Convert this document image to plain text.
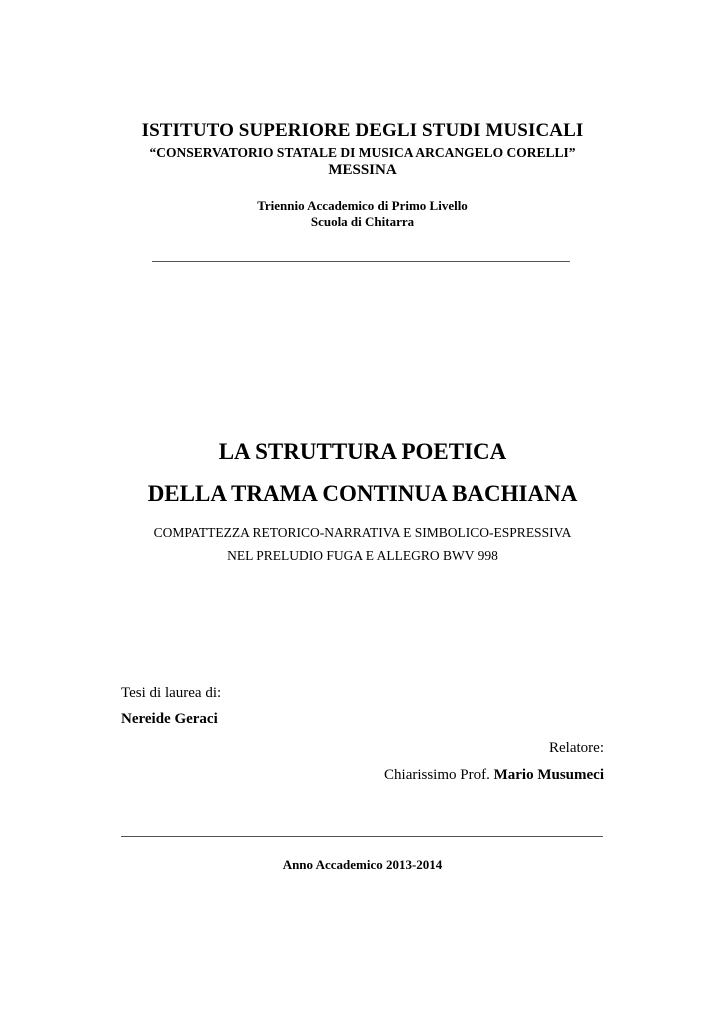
ISTITUTO SUPERIORE DEGLI STUDI MUSICALI
“CONSERVATORIO STATALE DI MUSICA ARCANGELO CORELLI”
MESSINA
Triennio Accademico di Primo Livello
Scuola di Chitarra
LA STRUTTURA POETICA
DELLA TRAMA CONTINUA BACHIANA
COMPATTEZZA RETORICO-NARRATIVA E SIMBOLICO-ESPRESSIVA
NEL PRELUDIO FUGA E ALLEGRO BWV 998
Tesi di laurea di:
Nereide Geraci
Relatore:
Chiarissimo Prof. Mario Musumeci
Anno Accademico 2013-2014
